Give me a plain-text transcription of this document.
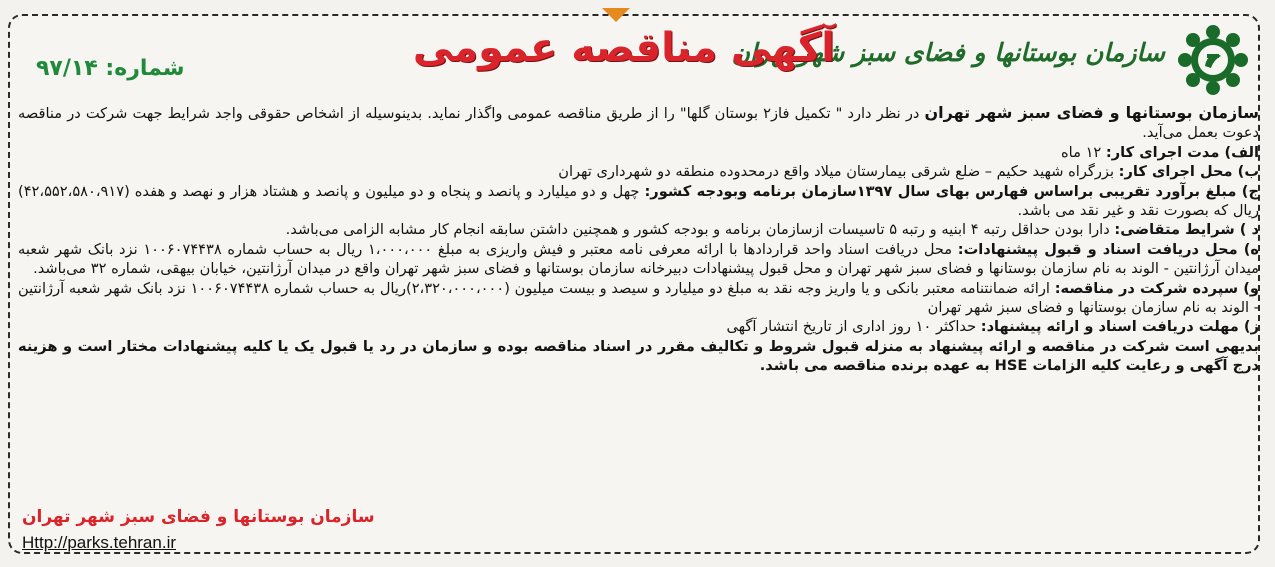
سازمان بوستانها و فضای سبز شهر تهران
آگهی مناقصه عمومی
شماره: ۹۷/۱۴

سازمان بوستانها و فضای سبز شهر تهران در نظر دارد " تکمیل فاز۲ بوستان گلها" را از طریق مناقصه عمومی واگذار نماید. بدینوسیله از اشخاص حقوقی واجد شرایط جهت شرکت در مناقصه دعوت بعمل می‌آید.

الف) مدت اجرای کار: ۱۲ ماه

ب) محل اجرای کار: بزرگراه شهید حکیم – ضلع شرقی بیمارستان میلاد واقع درمحدوده منطقه دو شهرداری تهران

ج) مبلغ برآورد تقریبی براساس فهارس بهای سال ۱۳۹۷سازمان برنامه وبودجه کشور: چهل و دو میلیارد و پانصد و پنجاه و دو میلیون و پانصد و هشتاد هزار و نهصد و هفده (۴۲،۵۵۲،۵۸۰،۹۱۷) ریال که بصورت نقد و غیر نقد می باشد.

د ) شرایط متقاضی: دارا بودن حداقل رتبه ۴ ابنیه و رتبه ۵ تاسیسات ازسازمان برنامه و بودجه کشور و همچنین داشتن سابقه انجام کار مشابه الزامی می‌باشد.

ه) محل دریافت اسناد و قبول پیشنهادات: محل دریافت اسناد واحد قراردادها با ارائه معرفی نامه معتبر و فیش واریزی به مبلغ ۱،۰۰۰،۰۰۰ ریال به حساب شماره ۱۰۰۶۰۷۴۴۳۸ نزد بانک شهر شعبه میدان آرژانتین - الوند به نام سازمان بوستانها و فضای سبز شهر تهران و محل قبول پیشنهادات دبیرخانه سازمان بوستانها و فضای سبز شهر تهران واقع در میدان آرژانتین، خیابان بیهقی، شماره ۳۲ می‌باشد.

و) سپرده شرکت در مناقصه: ارائه ضمانتنامه معتبر بانکی و یا واریز وجه نقد به مبلغ دو میلیارد و سیصد و بیست میلیون (۲،۳۲۰،۰۰۰،۰۰۰)ریال به حساب شماره ۱۰۰۶۰۷۴۴۳۸ نزد بانک شهر شعبه آرژانتین - الوند به نام سازمان بوستانها و فضای سبز شهر تهران

ز) مهلت دریافت اسناد و ارائه پیشنهاد: حداکثر ۱۰ روز اداری از تاریخ انتشار آگهی

بدیهی است شرکت در مناقصه و ارائه پیشنهاد به منزله قبول شروط و تکالیف مقرر در اسناد مناقصه بوده و سازمان در رد یا قبول یک یا کلیه پیشنهادات مختار است و هزینه درج آگهی و رعایت کلیه الزامات HSE به عهده برنده مناقصه می باشد.

سازمان بوستانها و فضای سبز شهر تهران
Http://parks.tehran.ir
